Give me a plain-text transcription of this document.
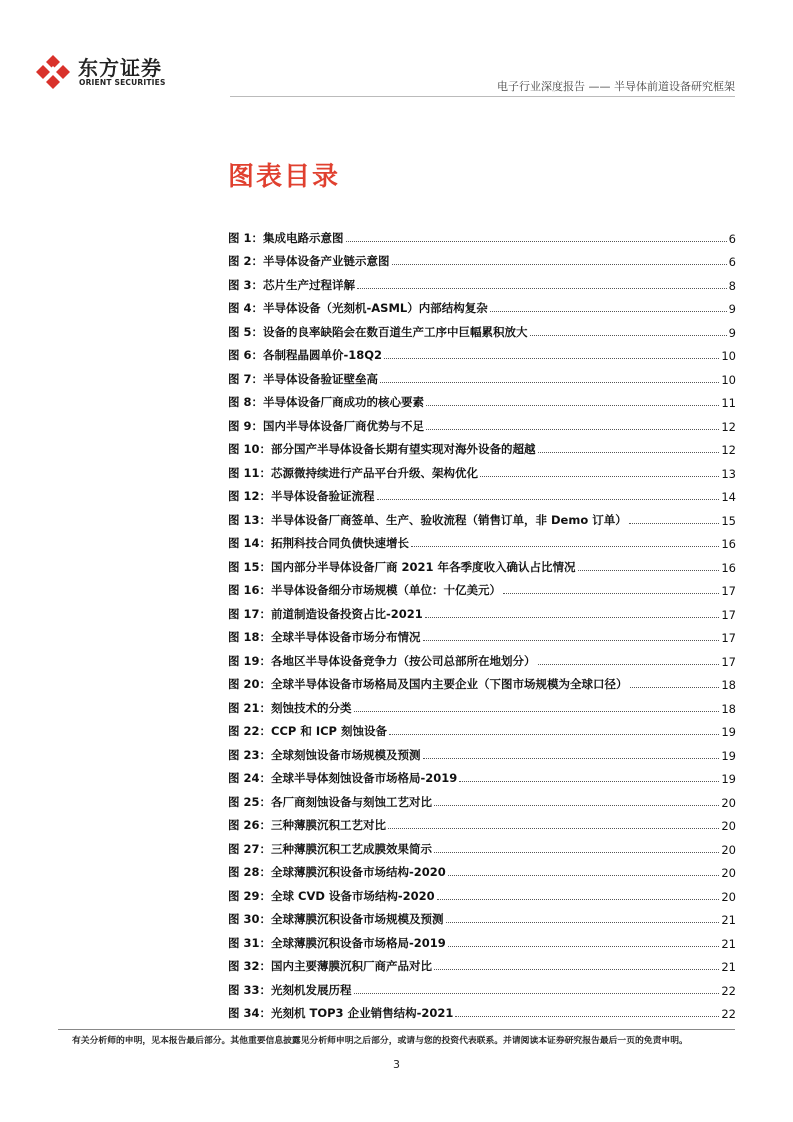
东方证券
ORIENT SECURITIES	电子行业深度报告 —— 半导体前道设备研究框架
图表目录
图 1：集成电路示意图	6
图 2：半导体设备产业链示意图	6
图 3：芯片生产过程详解	8
图 4：半导体设备（光刻机-ASML）内部结构复杂	9
图 5：设备的良率缺陷会在数百道生产工序中巨幅累积放大	9
图 6：各制程晶圆单价-18Q2	10
图 7：半导体设备验证壁垒高	10
图 8：半导体设备厂商成功的核心要素	11
图 9：国内半导体设备厂商优势与不足	12
图 10：部分国产半导体设备长期有望实现对海外设备的超越	12
图 11：芯源微持续进行产品平台升级、架构优化	13
图 12：半导体设备验证流程	14
图 13：半导体设备厂商签单、生产、验收流程（销售订单，非 Demo 订单）	15
图 14：拓荆科技合同负债快速增长	16
图 15：国内部分半导体设备厂商 2021 年各季度收入确认占比情况	16
图 16：半导体设备细分市场规模（单位：十亿美元）	17
图 17：前道制造设备投资占比-2021	17
图 18：全球半导体设备市场分布情况	17
图 19：各地区半导体设备竞争力（按公司总部所在地划分）	17
图 20：全球半导体设备市场格局及国内主要企业（下图市场规模为全球口径）	18
图 21：刻蚀技术的分类	18
图 22：CCP 和 ICP 刻蚀设备	19
图 23：全球刻蚀设备市场规模及预测	19
图 24：全球半导体刻蚀设备市场格局-2019	19
图 25：各厂商刻蚀设备与刻蚀工艺对比	20
图 26：三种薄膜沉积工艺对比	20
图 27：三种薄膜沉积工艺成膜效果简示	20
图 28：全球薄膜沉积设备市场结构-2020	20
图 29：全球 CVD 设备市场结构-2020	20
图 30：全球薄膜沉积设备市场规模及预测	21
图 31：全球薄膜沉积设备市场格局-2019	21
图 32：国内主要薄膜沉积厂商产品对比	21
图 33：光刻机发展历程	22
图 34：光刻机 TOP3 企业销售结构-2021	22
有关分析师的申明，见本报告最后部分。其他重要信息披露见分析师申明之后部分，或请与您的投资代表联系。并请阅读本证券研究报告最后一页的免责申明。
3
